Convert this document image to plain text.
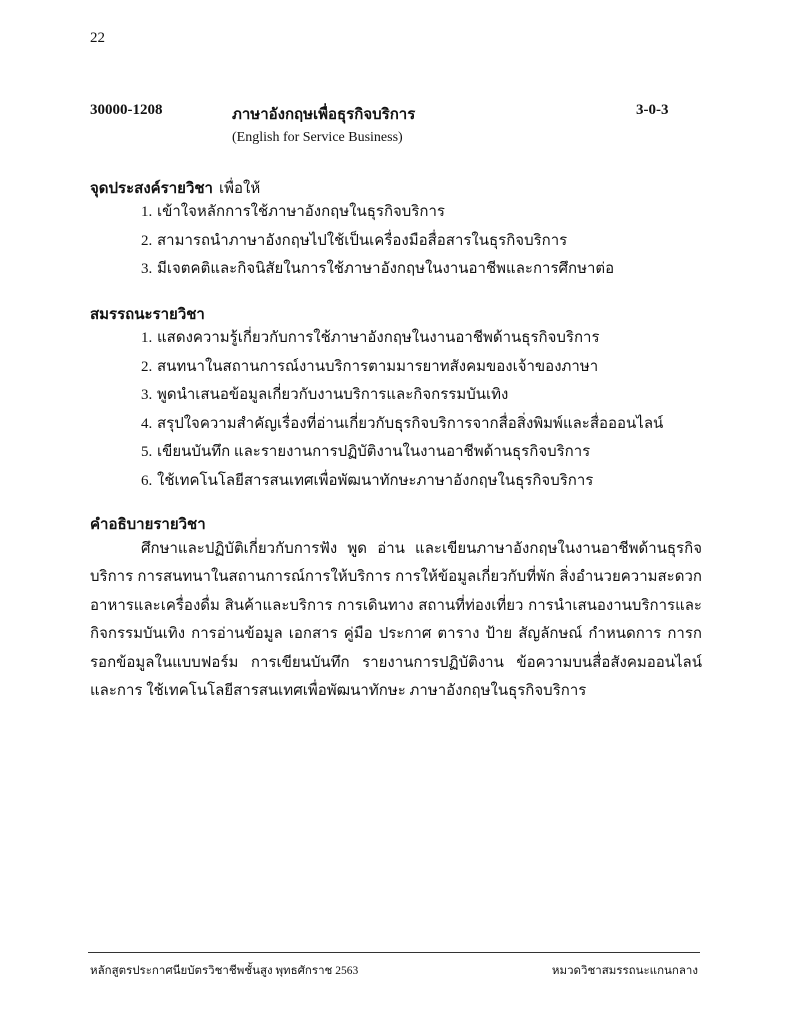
22
30000-1208	ภาษาอังกฤษเพื่อธุรกิจบริการ	3-0-3
(English for Service Business)
จุดประสงค์รายวิชา เพื่อให้
1. เข้าใจหลักการใช้ภาษาอังกฤษในธุรกิจบริการ
2. สามารถนำภาษาอังกฤษไปใช้เป็นเครื่องมือสื่อสารในธุรกิจบริการ
3. มีเจตคติและกิจนิสัยในการใช้ภาษาอังกฤษในงานอาชีพและการศึกษาต่อ
สมรรถนะรายวิชา
1. แสดงความรู้เกี่ยวกับการใช้ภาษาอังกฤษในงานอาชีพด้านธุรกิจบริการ
2. สนทนาในสถานการณ์งานบริการตามมารยาทสังคมของเจ้าของภาษา
3. พูดนำเสนอข้อมูลเกี่ยวกับงานบริการและกิจกรรมบันเทิง
4. สรุปใจความสำคัญเรื่องที่อ่านเกี่ยวกับธุรกิจบริการจากสื่อสิ่งพิมพ์และสื่อออนไลน์
5. เขียนบันทึก และรายงานการปฏิบัติงานในงานอาชีพด้านธุรกิจบริการ
6. ใช้เทคโนโลยีสารสนเทศเพื่อพัฒนาทักษะภาษาอังกฤษในธุรกิจบริการ
คำอธิบายรายวิชา

ศึกษาและปฏิบัติเกี่ยวกับการฟัง พูด อ่าน และเขียนภาษาอังกฤษในงานอาชีพด้านธุรกิจบริการ การสนทนาในสถานการณ์การให้บริการ การให้ข้อมูลเกี่ยวกับที่พัก สิ่งอำนวยความสะดวก อาหารและเครื่องดื่ม สินค้าและบริการ การเดินทาง สถานที่ท่องเที่ยว การนำเสนองานบริการและกิจกรรมบันเทิง การอ่านข้อมูล เอกสาร คู่มือ ประกาศ ตาราง ป้าย สัญลักษณ์ กำหนดการ การกรอกข้อมูลในแบบฟอร์ม การเขียนบันทึก รายงานการปฏิบัติงาน ข้อความบนสื่อสังคมออนไลน์ และการ ใช้เทคโนโลยีสารสนเทศเพื่อพัฒนาทักษะ ภาษาอังกฤษในธุรกิจบริการ

หลักสูตรประกาศนียบัตรวิชาชีพชั้นสูง พุทธศักราช 2563	หมวดวิชาสมรรถนะแกนกลาง
